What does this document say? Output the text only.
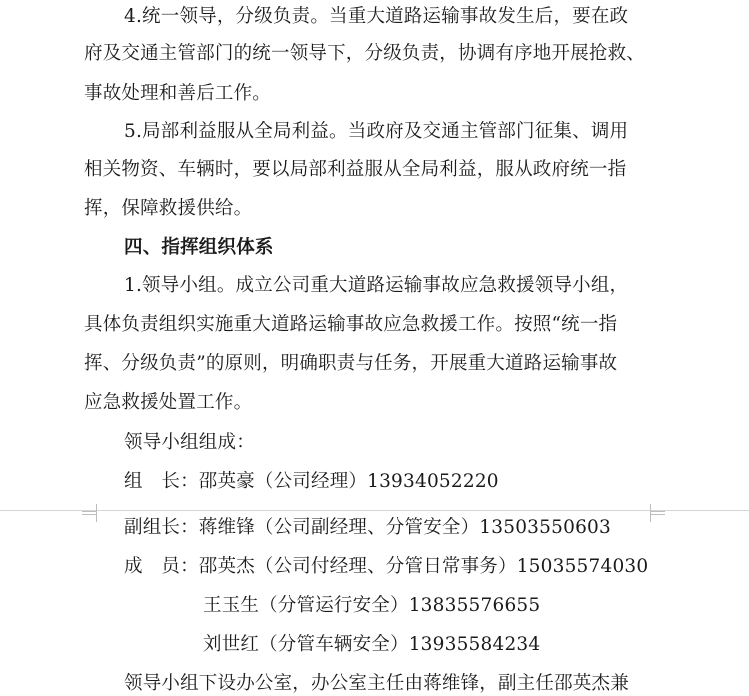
4.统一领导，分级负责。当重大道路运输事故发生后，要在政
府及交通主管部门的统一领导下，分级负责，协调有序地开展抢救、
事故处理和善后工作。
5.局部利益服从全局利益。当政府及交通主管部门征集、调用
相关物资、车辆时，要以局部利益服从全局利益，服从政府统一指
挥，保障救援供给。
四、指挥组织体系
1.领导小组。成立公司重大道路运输事故应急救援领导小组，
具体负责组织实施重大道路运输事故应急救援工作。按照“统一指
挥、分级负责”的原则，明确职责与任务，开展重大道路运输事故
应急救援处置工作。
领导小组组成：
组　长：邵英豪（公司经理）13934052220
副组长：蒋维锋（公司副经理、分管安全）13503550603
成　员：邵英杰（公司付经理、分管日常事务）15035574030
王玉生（分管运行安全）13835576655
刘世红（分管车辆安全）13935584234
领导小组下设办公室，办公室主任由蒋维锋，副主任邵英杰兼
